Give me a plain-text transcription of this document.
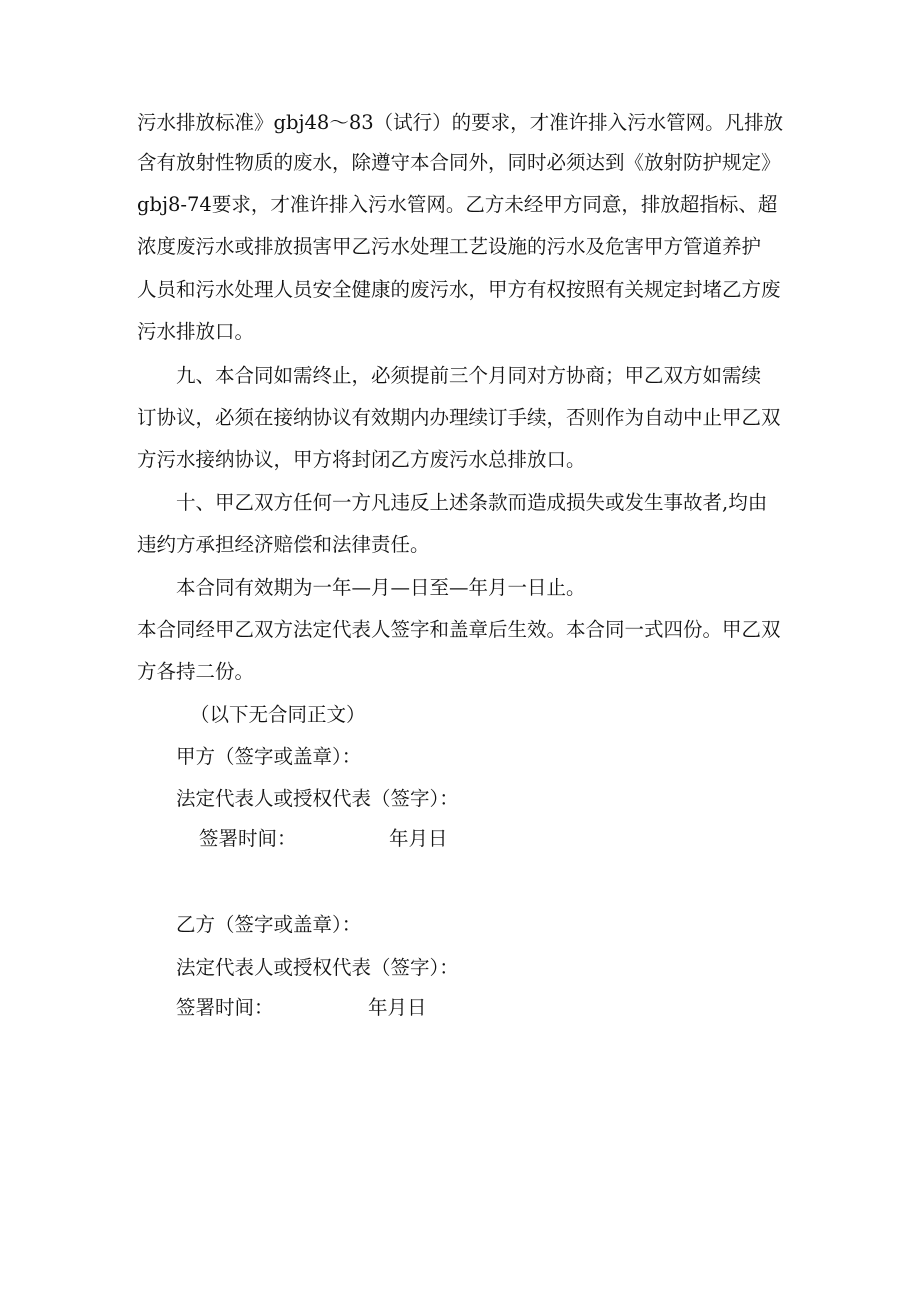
污水排放标准》gbj48～83（试行）的要求，才准许排入污水管网。凡排放
含有放射性物质的废水，除遵守本合同外，同时必须达到《放射防护规定》
gbj8-74要求，才准许排入污水管网。乙方未经甲方同意，排放超指标、超
浓度废污水或排放损害甲乙污水处理工艺设施的污水及危害甲方管道养护
人员和污水处理人员安全健康的废污水，甲方有权按照有关规定封堵乙方废
污水排放口。
九、本合同如需终止，必须提前三个月同对方协商；甲乙双方如需续
订协议，必须在接纳协议有效期内办理续订手续，否则作为自动中止甲乙双
方污水接纳协议，甲方将封闭乙方废污水总排放口。
十、甲乙双方任何一方凡违反上述条款而造成损失或发生事故者,均由
违约方承担经济赔偿和法律责任。
本合同有效期为一年—月—日至—年月一日止。
本合同经甲乙双方法定代表人签字和盖章后生效。本合同一式四份。甲乙双
方各持二份。
（以下无合同正文）
甲方（签字或盖章）：
法定代表人或授权代表（签字）：
签署时间：	年月日
乙方（签字或盖章）：
法定代表人或授权代表（签字）：
签署时间：	年月日
